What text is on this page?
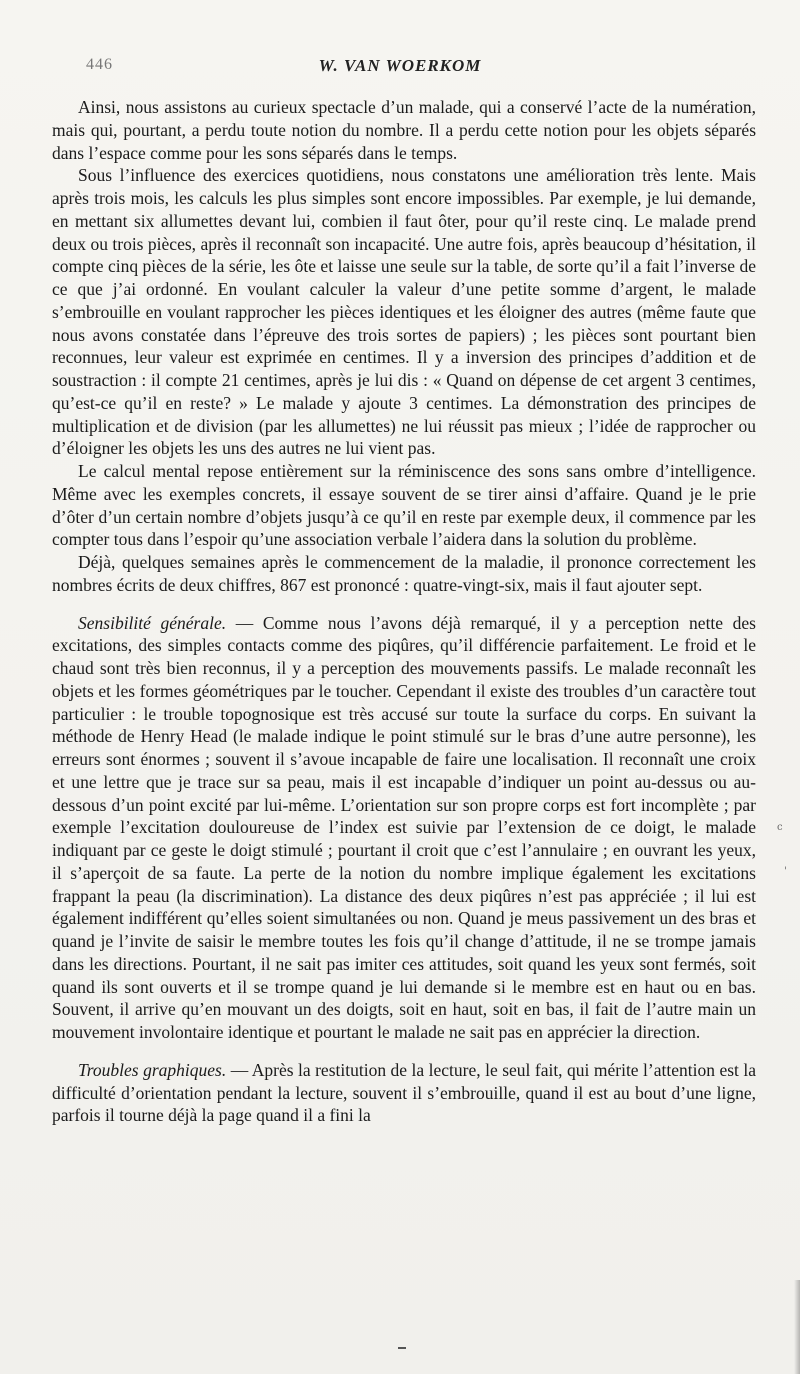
446	W. VAN WOERKOM

Ainsi, nous assistons au curieux spectacle d’un malade, qui a conservé l’acte de la numération, mais qui, pourtant, a perdu toute notion du nombre. Il a perdu cette notion pour les objets séparés dans l’espace comme pour les sons séparés dans le temps.

Sous l’influence des exercices quotidiens, nous constatons une amélioration très lente. Mais après trois mois, les calculs les plus simples sont encore impossibles. Par exemple, je lui demande, en mettant six allumettes devant lui, combien il faut ôter, pour qu’il reste cinq. Le malade prend deux ou trois pièces, après il reconnaît son incapacité. Une autre fois, après beaucoup d’hésitation, il compte cinq pièces de la série, les ôte et laisse une seule sur la table, de sorte qu’il a fait l’inverse de ce que j’ai ordonné. En voulant calculer la valeur d’une petite somme d’argent, le malade s’embrouille en voulant rapprocher les pièces identiques et les éloigner des autres (même faute que nous avons constatée dans l’épreuve des trois sortes de papiers) ; les pièces sont pourtant bien reconnues, leur valeur est exprimée en centimes. Il y a inversion des principes d’addition et de soustraction : il compte 21 centimes, après je lui dis : « Quand on dépense de cet argent 3 centimes, qu’est-ce qu’il en reste? » Le malade y ajoute 3 centimes. La démonstration des principes de multiplication et de division (par les allumettes) ne lui réussit pas mieux ; l’idée de rapprocher ou d’éloigner les objets les uns des autres ne lui vient pas.

Le calcul mental repose entièrement sur la réminiscence des sons sans ombre d’intelligence. Même avec les exemples concrets, il essaye souvent de se tirer ainsi d’affaire. Quand je le prie d’ôter d’un certain nombre d’objets jusqu’à ce qu’il en reste par exemple deux, il commence par les compter tous dans l’espoir qu’une association verbale l’aidera dans la solution du problème.

Déjà, quelques semaines après le commencement de la maladie, il prononce correctement les nombres écrits de deux chiffres, 867 est prononcé : quatre-vingt-six, mais il faut ajouter sept.

Sensibilité générale. — Comme nous l’avons déjà remarqué, il y a perception nette des excitations, des simples contacts comme des piqûres, qu’il différencie parfaitement. Le froid et le chaud sont très bien reconnus, il y a perception des mouvements passifs. Le malade reconnaît les objets et les formes géométriques par le toucher. Cependant il existe des troubles d’un caractère tout particulier : le trouble topognosique est très accusé sur toute la surface du corps. En suivant la méthode de Henry Head (le malade indique le point stimulé sur le bras d’une autre personne), les erreurs sont énormes ; souvent il s’avoue incapable de faire une localisation. Il reconnaît une croix et une lettre que je trace sur sa peau, mais il est incapable d’indiquer un point au-dessus ou au-dessous d’un point excité par lui-même. L’orientation sur son propre corps est fort incomplète ; par exemple l’excitation douloureuse de l’index est suivie par l’extension de ce doigt, le malade indiquant par ce geste le doigt stimulé ; pourtant il croit que c’est l’annulaire ; en ouvrant les yeux, il s’aperçoit de sa faute. La perte de la notion du nombre implique également les excitations frappant la peau (la discrimination). La distance des deux piqûres n’est pas appréciée ; il lui est également indifférent qu’elles soient simultanées ou non. Quand je meus passivement un des bras et quand je l’invite de saisir le membre toutes les fois qu’il change d’attitude, il ne se trompe jamais dans les directions. Pourtant, il ne sait pas imiter ces attitudes, soit quand les yeux sont fermés, soit quand ils sont ouverts et il se trompe quand je lui demande si le membre est en haut ou en bas. Souvent, il arrive qu’en mouvant un des doigts, soit en haut, soit en bas, il fait de l’autre main un mouvement involontaire identique et pourtant le malade ne sait pas en apprécier la direction.

Troubles graphiques. — Après la restitution de la lecture, le seul fait, qui mérite l’attention est la difficulté d’orientation pendant la lecture, souvent il s’embrouille, quand il est au bout d’une ligne, parfois il tourne déjà la page quand il a fini la

c
'
